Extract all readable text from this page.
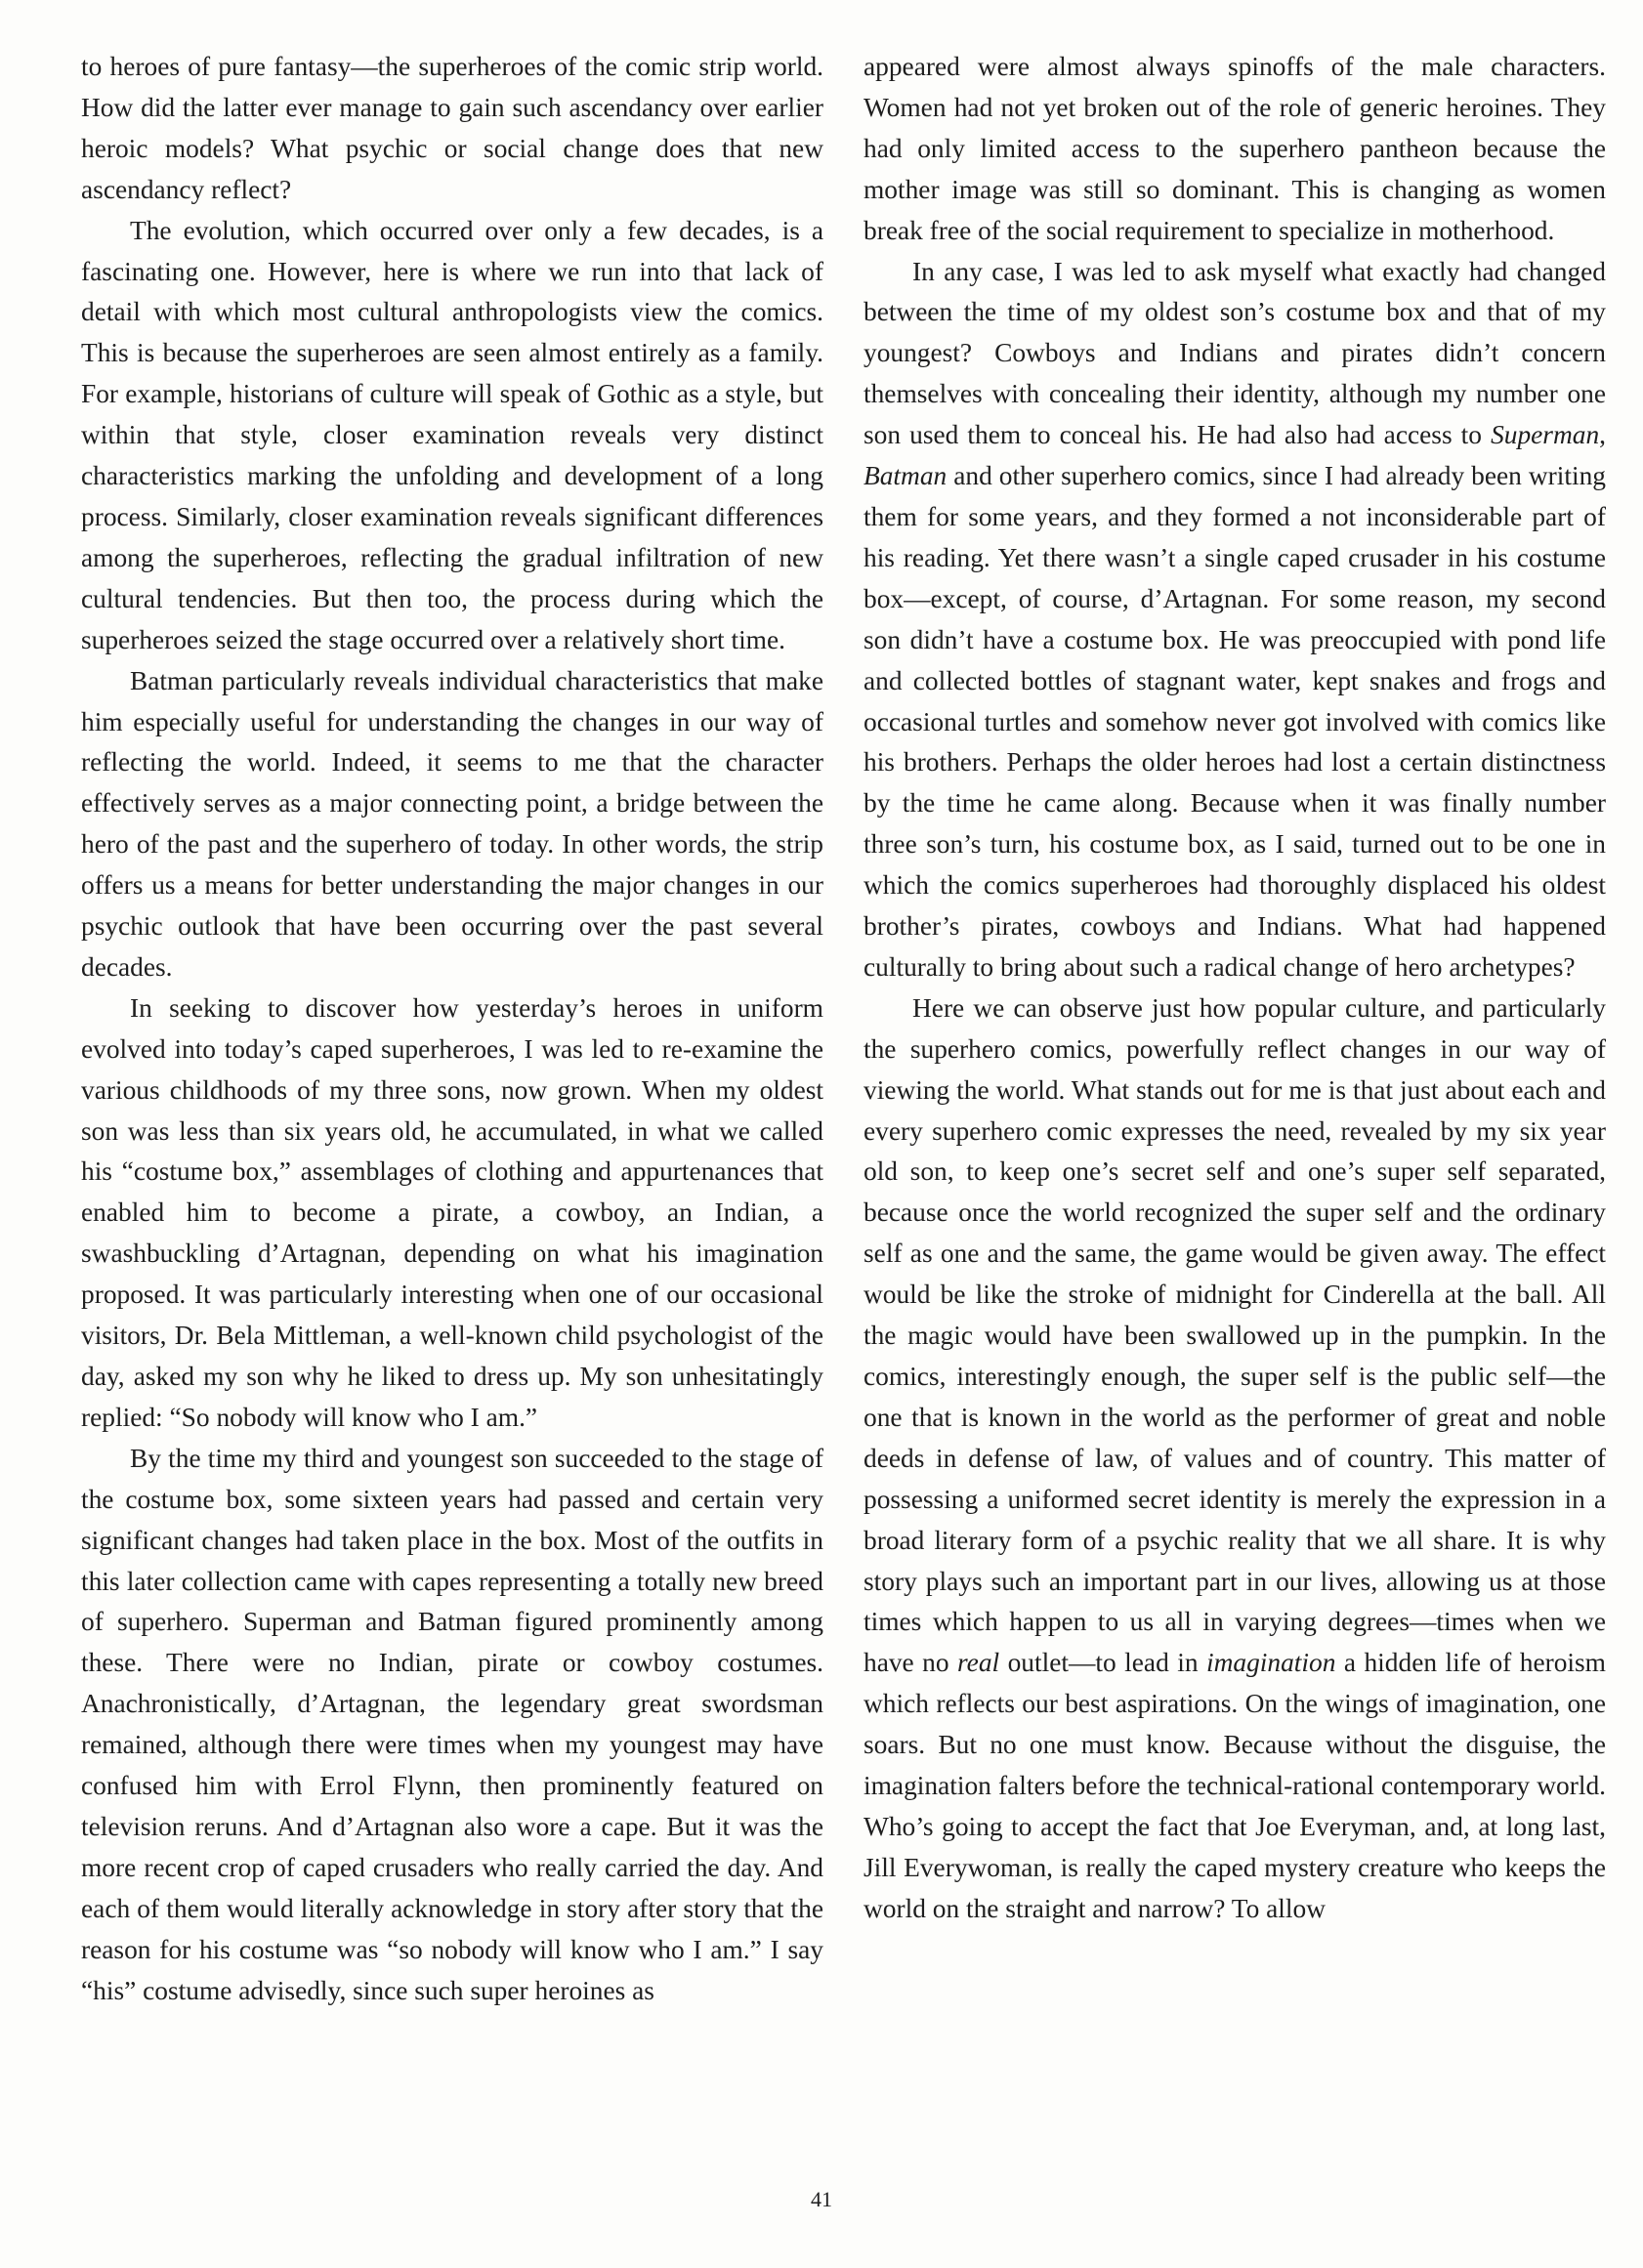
to heroes of pure fantasy—the superheroes of the comic strip world. How did the latter ever manage to gain such ascendancy over earlier heroic models? What psychic or social change does that new ascendancy reflect?

The evolution, which occurred over only a few decades, is a fascinating one. However, here is where we run into that lack of detail with which most cultural anthropologists view the comics. This is because the superheroes are seen almost entirely as a family. For example, historians of culture will speak of Gothic as a style, but within that style, closer examination reveals very distinct characteristics marking the unfolding and development of a long process. Similarly, closer examination reveals significant differences among the superheroes, reflecting the gradual infiltration of new cultural tendencies. But then too, the process during which the superheroes seized the stage occurred over a relatively short time.

Batman particularly reveals individual characteristics that make him especially useful for understanding the changes in our way of reflecting the world. Indeed, it seems to me that the character effectively serves as a major connecting point, a bridge between the hero of the past and the superhero of today. In other words, the strip offers us a means for better understanding the major changes in our psychic outlook that have been occurring over the past several decades.

In seeking to discover how yesterday’s heroes in uniform evolved into today’s caped superheroes, I was led to re-examine the various childhoods of my three sons, now grown. When my oldest son was less than six years old, he accumulated, in what we called his “costume box,” assemblages of clothing and appurtenances that enabled him to become a pirate, a cowboy, an Indian, a swashbuckling d’Artagnan, depending on what his imagination proposed. It was particularly interesting when one of our occasional visitors, Dr. Bela Mittleman, a well-known child psychologist of the day, asked my son why he liked to dress up. My son unhesitatingly replied: “So nobody will know who I am.”

By the time my third and youngest son succeeded to the stage of the costume box, some sixteen years had passed and certain very significant changes had taken place in the box. Most of the outfits in this later collection came with capes representing a totally new breed of superhero. Superman and Batman figured prominently among these. There were no Indian, pirate or cowboy costumes. Anachronistically, d’Artagnan, the legendary great swordsman remained, although there were times when my youngest may have confused him with Errol Flynn, then prominently featured on television reruns. And d’Artagnan also wore a cape. But it was the more recent crop of caped crusaders who really carried the day. And each of them would literally acknowledge in story after story that the reason for his costume was “so nobody will know who I am.” I say “his” costume advisedly, since such super heroines as

appeared were almost always spinoffs of the male characters. Women had not yet broken out of the role of generic heroines. They had only limited access to the superhero pantheon because the mother image was still so dominant. This is changing as women break free of the social requirement to specialize in motherhood.

In any case, I was led to ask myself what exactly had changed between the time of my oldest son’s costume box and that of my youngest? Cowboys and Indians and pirates didn’t concern themselves with concealing their identity, although my number one son used them to conceal his. He had also had access to Superman, Batman and other superhero comics, since I had already been writing them for some years, and they formed a not inconsiderable part of his reading. Yet there wasn’t a single caped crusader in his costume box—except, of course, d’Artagnan. For some reason, my second son didn’t have a costume box. He was preoccupied with pond life and collected bottles of stagnant water, kept snakes and frogs and occasional turtles and somehow never got involved with comics like his brothers. Perhaps the older heroes had lost a certain distinctness by the time he came along. Because when it was finally number three son’s turn, his costume box, as I said, turned out to be one in which the comics superheroes had thoroughly displaced his oldest brother’s pirates, cowboys and Indians. What had happened culturally to bring about such a radical change of hero archetypes?

Here we can observe just how popular culture, and particularly the superhero comics, powerfully reflect changes in our way of viewing the world. What stands out for me is that just about each and every superhero comic expresses the need, revealed by my six year old son, to keep one’s secret self and one’s super self separated, because once the world recognized the super self and the ordinary self as one and the same, the game would be given away. The effect would be like the stroke of midnight for Cinderella at the ball. All the magic would have been swallowed up in the pumpkin. In the comics, interestingly enough, the super self is the public self—the one that is known in the world as the performer of great and noble deeds in defense of law, of values and of country. This matter of possessing a uniformed secret identity is merely the expression in a broad literary form of a psychic reality that we all share. It is why story plays such an important part in our lives, allowing us at those times which happen to us all in varying degrees—times when we have no real outlet—to lead in imagination a hidden life of heroism which reflects our best aspirations. On the wings of imagination, one soars. But no one must know. Because without the disguise, the imagination falters before the technical-rational contemporary world. Who’s going to accept the fact that Joe Everyman, and, at long last, Jill Everywoman, is really the caped mystery creature who keeps the world on the straight and narrow? To allow

41
